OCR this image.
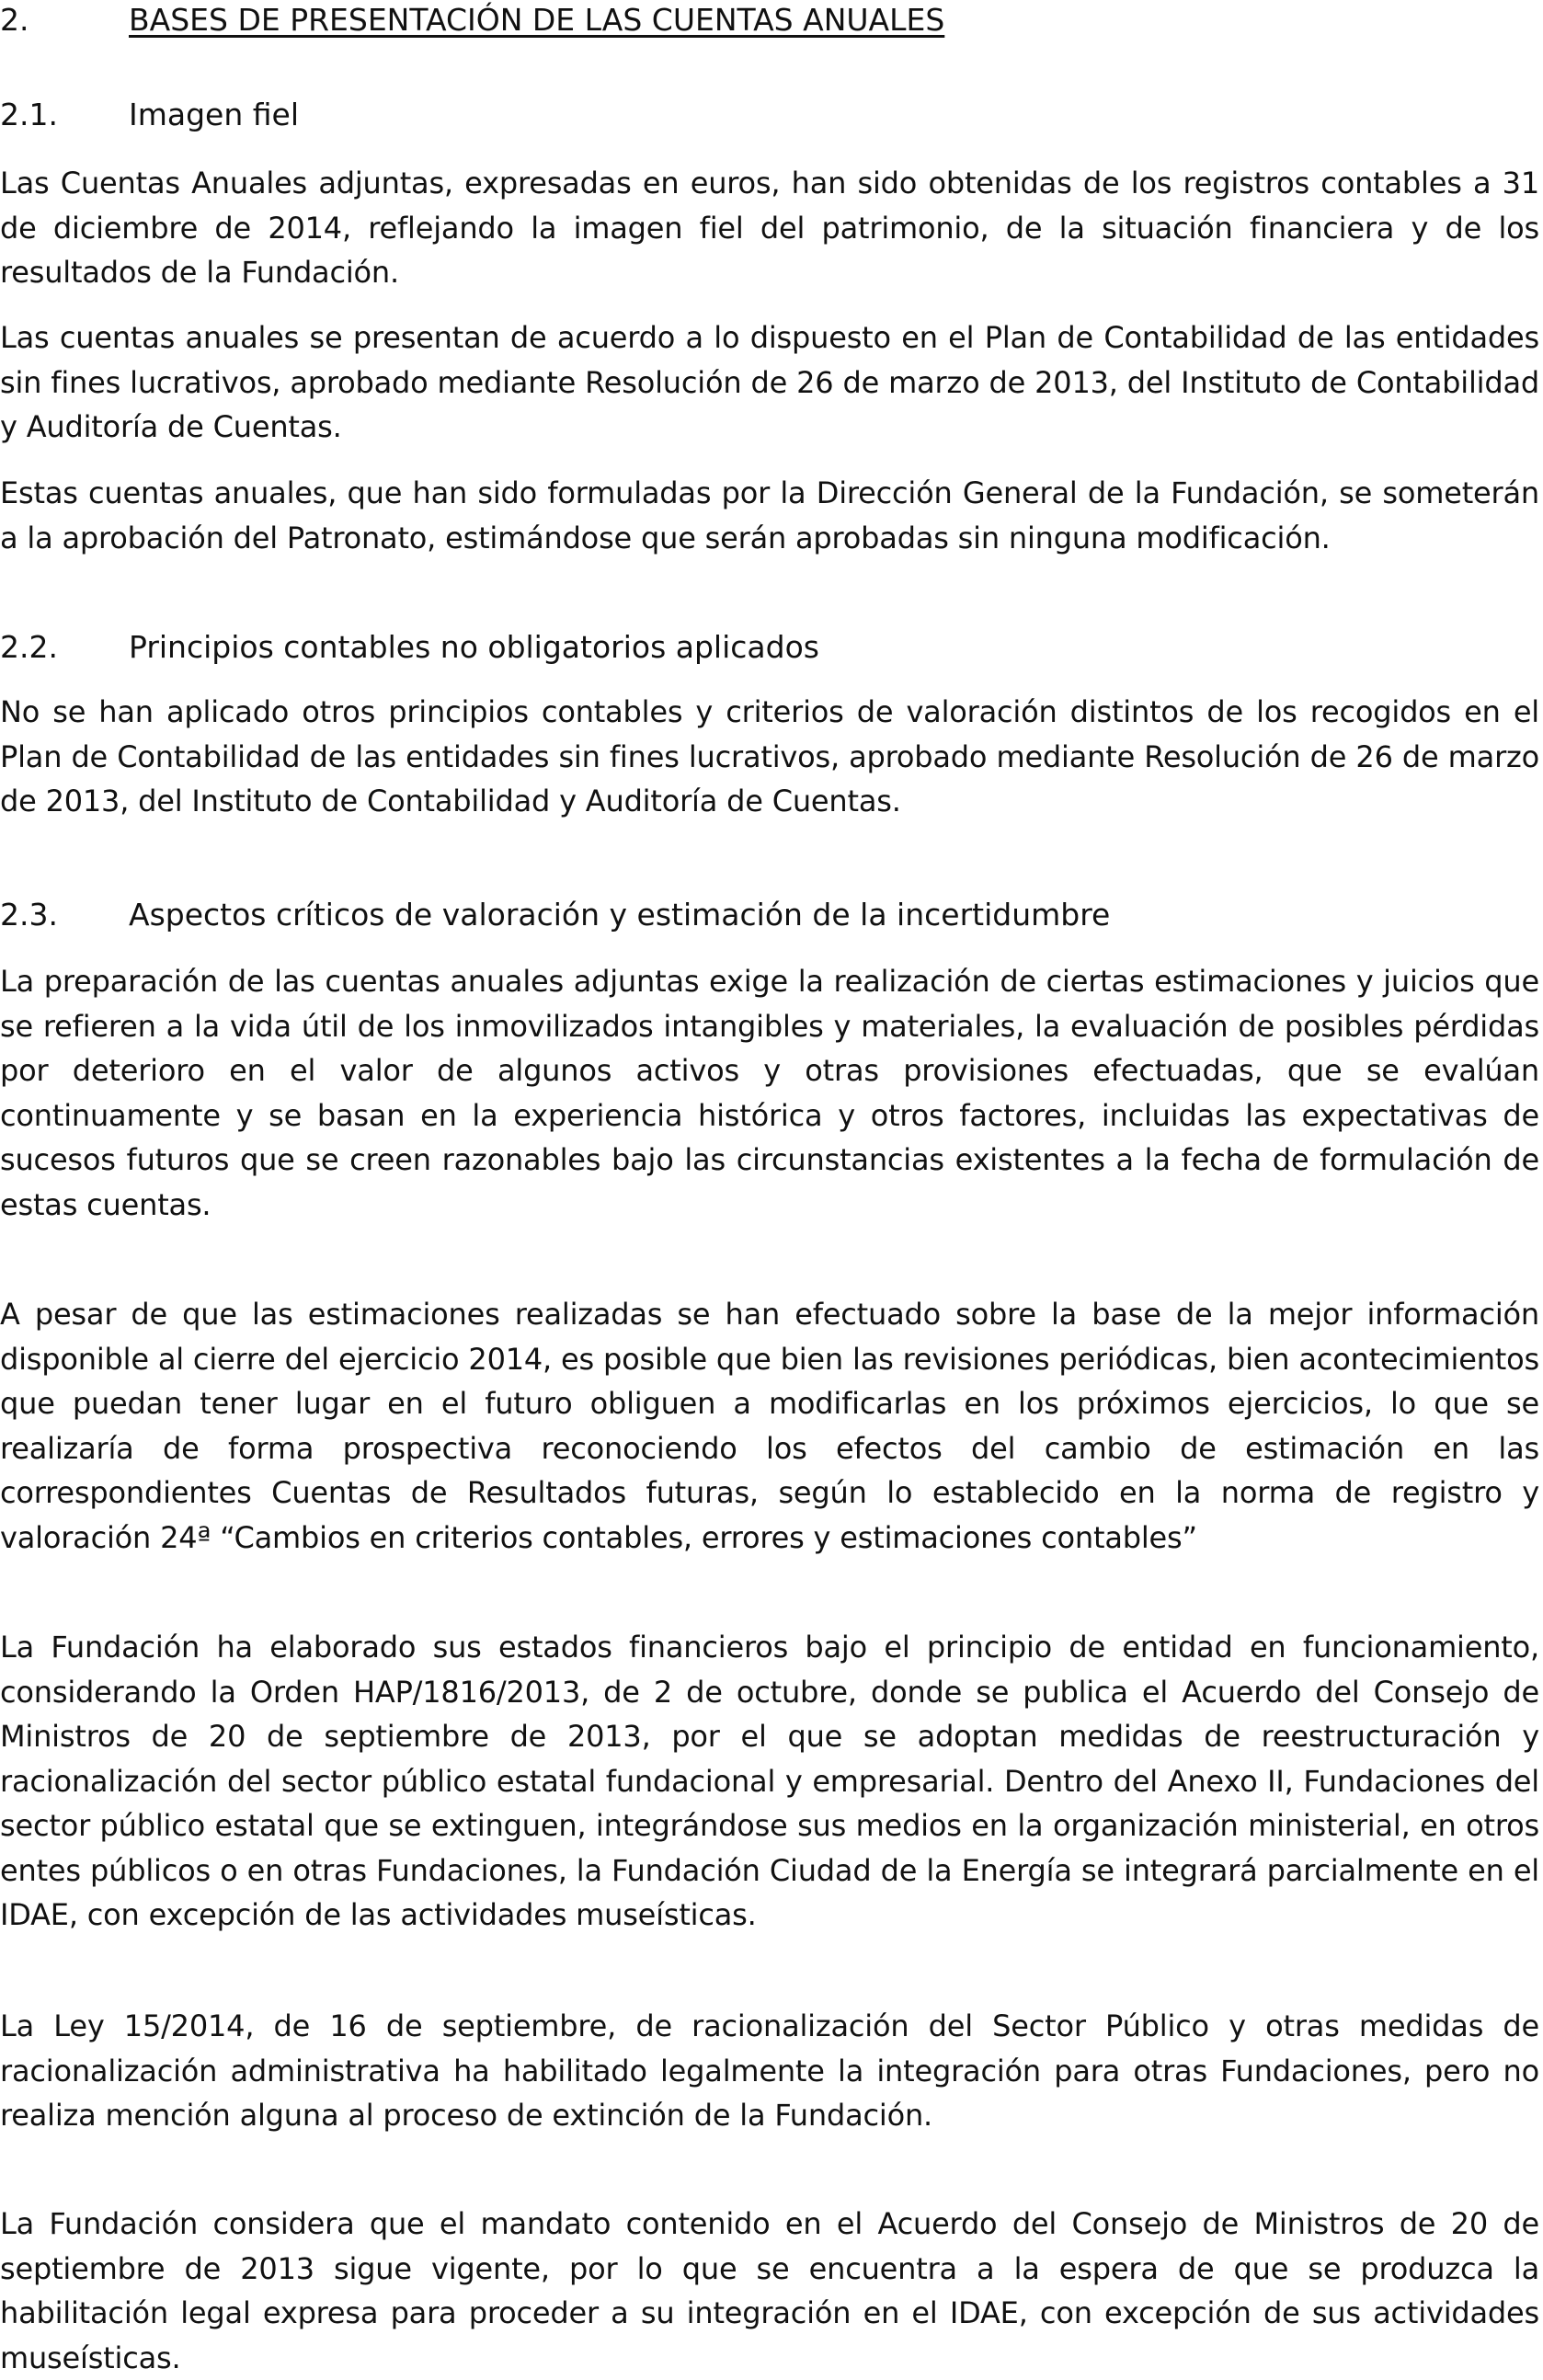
2.	BASES DE PRESENTACIÓN DE LAS CUENTAS ANUALES
2.1. Imagen fiel

Las Cuentas Anuales adjuntas, expresadas en euros, han sido obtenidas de los registros contables a 31 de diciembre de 2014, reflejando la imagen fiel del patrimonio, de la situación financiera y de los resultados de la Fundación.

Las cuentas anuales se presentan de acuerdo a lo dispuesto en el Plan de Contabilidad de las entidades sin fines lucrativos, aprobado mediante Resolución de 26 de marzo de 2013, del Instituto de Contabilidad y Auditoría de Cuentas.

Estas cuentas anuales, que han sido formuladas por la Dirección General de la Fundación, se someterán a la aprobación del Patronato, estimándose que serán aprobadas sin ninguna modificación.

2.2. Principios contables no obligatorios aplicados

No se han aplicado otros principios contables y criterios de valoración distintos de los recogidos en el Plan de Contabilidad de las entidades sin fines lucrativos, aprobado mediante Resolución de 26 de marzo de 2013, del Instituto de Contabilidad y Auditoría de Cuentas.

2.3. Aspectos críticos de valoración y estimación de la incertidumbre

La preparación de las cuentas anuales adjuntas exige la realización de ciertas estimaciones y juicios que se refieren a la vida útil de los inmovilizados intangibles y materiales, la evaluación de posibles pérdidas por deterioro en el valor de algunos activos y otras provisiones efectuadas, que se evalúan continuamente y se basan en la experiencia histórica y otros factores, incluidas las expectativas de sucesos futuros que se creen razonables bajo las circunstancias existentes a la fecha de formulación de estas cuentas.

A pesar de que las estimaciones realizadas se han efectuado sobre la base de la mejor información disponible al cierre del ejercicio 2014, es posible que bien las revisiones periódicas, bien acontecimientos que puedan tener lugar en el futuro obliguen a modificarlas en los próximos ejercicios, lo que se realizaría de forma prospectiva reconociendo los efectos del cambio de estimación en las correspondientes Cuentas de Resultados futuras, según lo establecido en la norma de registro y valoración 24ª “Cambios en criterios contables, errores y estimaciones contables”

La Fundación ha elaborado sus estados financieros bajo el principio de entidad en funcionamiento, considerando la Orden HAP/1816/2013, de 2 de octubre, donde se publica el Acuerdo del Consejo de Ministros de 20 de septiembre de 2013, por el que se adoptan medidas de reestructuración y racionalización del sector público estatal fundacional y empresarial. Dentro del Anexo II, Fundaciones del sector público estatal que se extinguen, integrándose sus medios en la organización ministerial, en otros entes públicos o en otras Fundaciones, la Fundación Ciudad de la Energía se integrará parcialmente en el IDAE, con excepción de las actividades museísticas.

La Ley 15/2014, de 16 de septiembre, de racionalización del Sector Público y otras medidas de racionalización administrativa ha habilitado legalmente la integración para otras Fundaciones, pero no realiza mención alguna al proceso de extinción de la Fundación.

La Fundación considera que el mandato contenido en el Acuerdo del Consejo de Ministros de 20 de septiembre de 2013 sigue vigente, por lo que se encuentra a la espera de que se produzca la habilitación legal expresa para proceder a su integración en el IDAE, con excepción de sus actividades museísticas.
